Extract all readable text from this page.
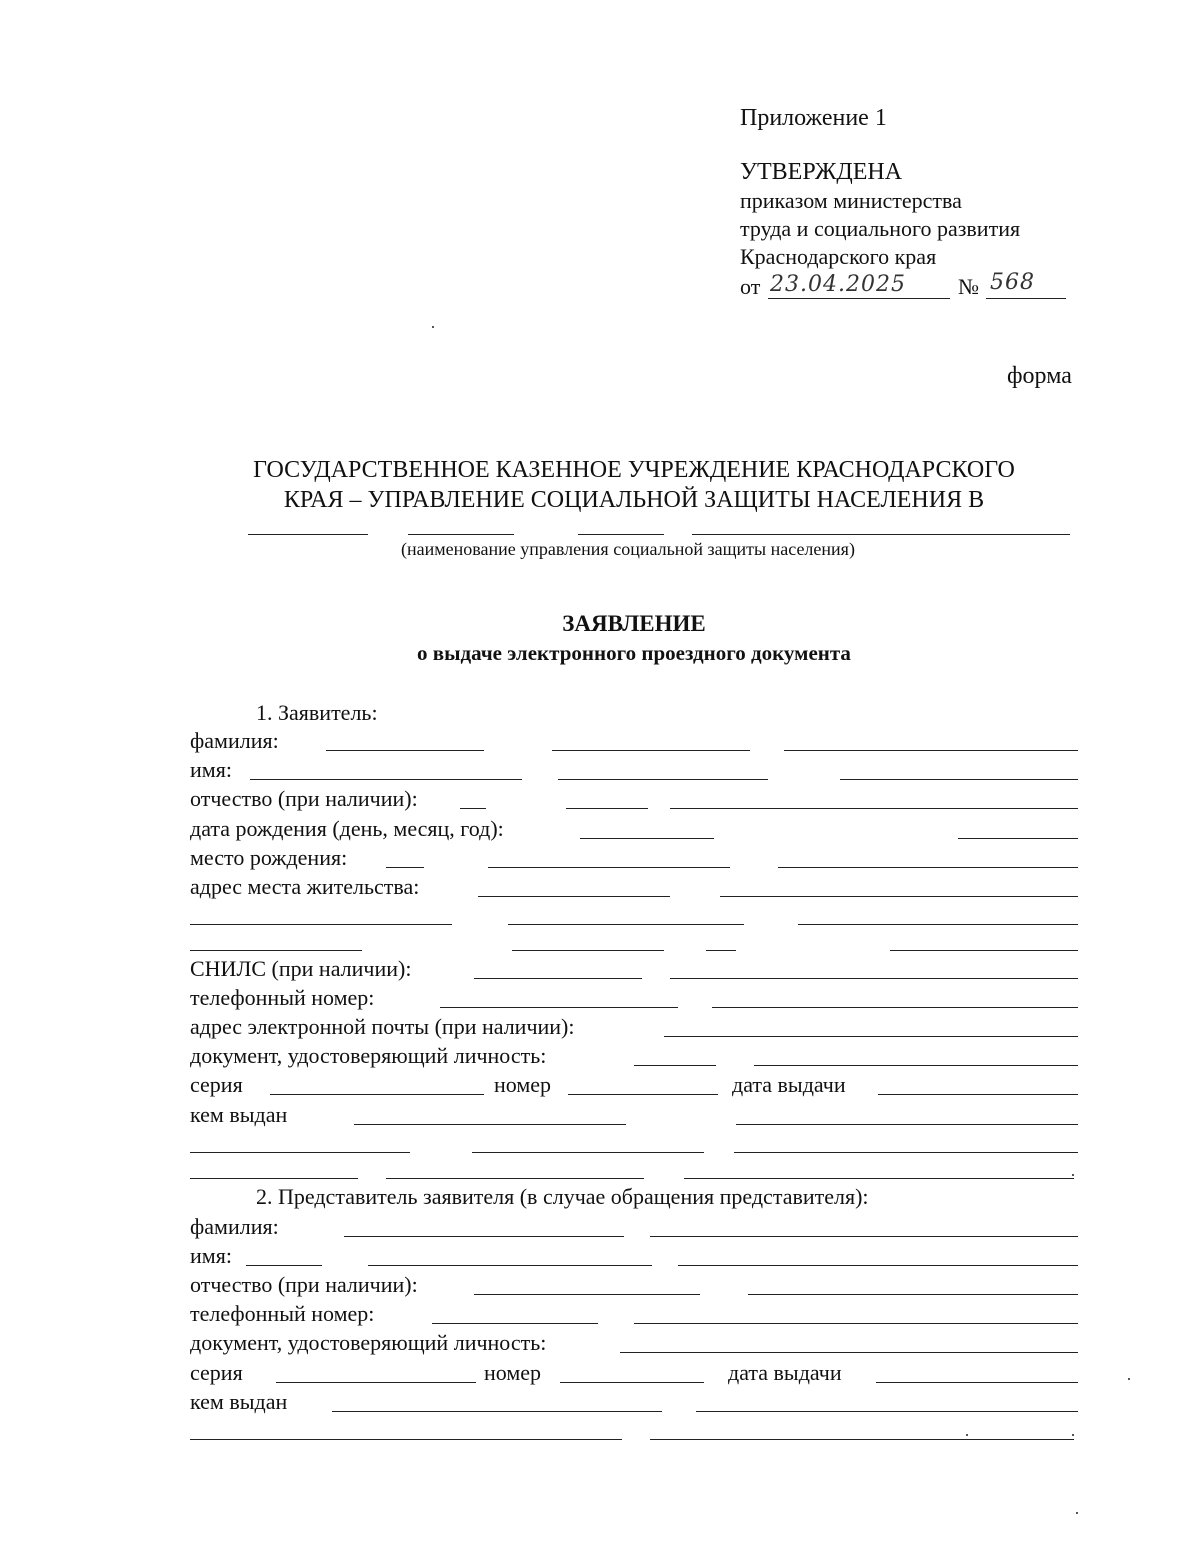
Приложение 1
УТВЕРЖДЕНА
приказом министерства
труда и социального развития
Краснодарского края
от 23.04.2025 № 568
форма
ГОСУДАРСТВЕННОЕ КАЗЕННОЕ УЧРЕЖДЕНИЕ КРАСНОДАРСКОГО
КРАЯ – УПРАВЛЕНИЕ СОЦИАЛЬНОЙ ЗАЩИТЫ НАСЕЛЕНИЯ В
(наименование управления социальной защиты населения)
ЗАЯВЛЕНИЕ
о выдаче электронного проездного документа
1. Заявитель:
фамилия:
имя:
отчество (при наличии):
дата рождения (день, месяц, год):
место рождения:
адрес места жительства:
СНИЛС (при наличии):
телефонный номер:
адрес электронной почты (при наличии):
документ, удостоверяющий личность:
серия	номер	дата выдачи
кем выдан
2. Представитель заявителя (в случае обращения представителя):
фамилия:
имя:
отчество (при наличии):
телефонный номер:
документ, удостоверяющий личность:
серия	номер	дата выдачи
кем выдан
